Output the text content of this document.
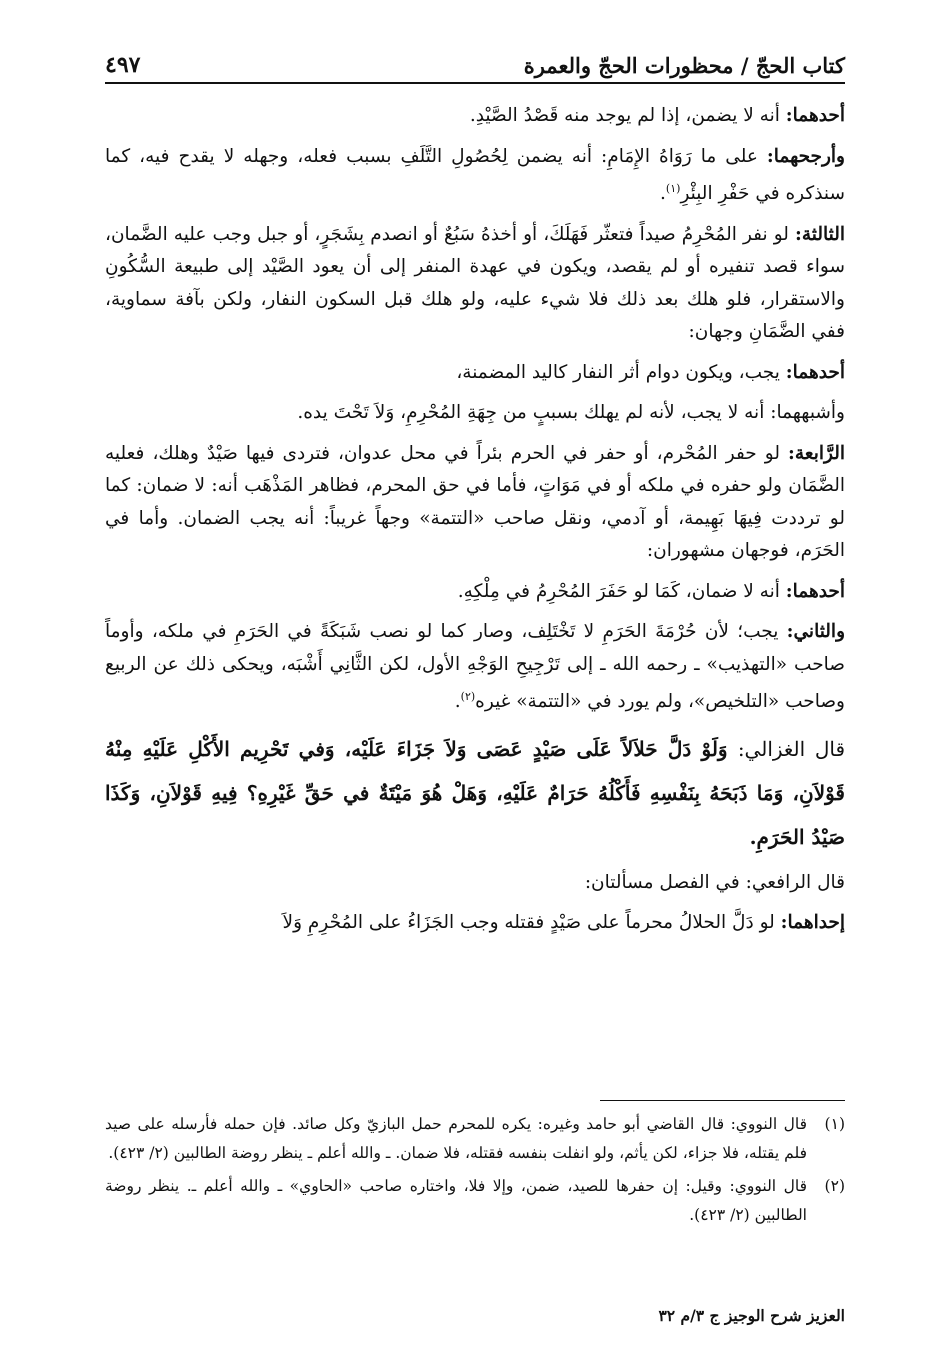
كتاب الحجّ / محظورات الحجّ والعمرة
٤٩٧

أحدهما: أنه لا يضمن، إذا لم يوجد منه قَصْدُ الصَّيْدِ.

وأرجحهما: على ما رَوَاهُ الإِمَامِ: أنه يضمن لِحُصُولِ التَّلَفِ بسبب فعله، وجهله لا يقدح فيه، كما سنذكره في حَفْرِ البِئْرِ$^{(١)}$.

الثالثة: لو نفر المُحْرِمُ صيداً فتعثّر فَهَلَكَ، أو أخذهُ سَبُعٌ أو انصدم بِشَجَرٍ، أو جبل وجب عليه الضَّمان، سواء قصد تنفيره أو لم يقصد، ويكون في عهدة المنفر إلى أن يعود الصَّيْد إلى طبيعة السُّكُونِ والاستقرار، فلو هلك بعد ذلك فلا شيء عليه، ولو هلك قبل السكون النفار، ولكن بآفة سماوية، ففي الضَّمَانِ وجهان:

أحدهما: يجب، ويكون دوام أثر النفار كاليد المضمنة،

وأشبههما: أنه لا يجب، لأنه لم يهلك بسببٍ من جِهَةِ المُحْرِمِ، وَلاَ تَحْتَ يده.

الرَّابعة: لو حفر المُحْرم، أو حفر في الحرم بئراً في محل عدوان، فتردى فيها صَيْدٌ وهلك، فعليه الضَّمَان ولو حفره في ملكه أو في مَوَاتٍ، فأما في حق المحرم، فظاهر المَذْهَب أنه: لا ضمان: كما لو ترددت فِيهَا بَهِيمة، أو آدمي، ونقل صاحب «التتمة» وجهاً غريباً: أنه يجب الضمان. وأما في الحَرَم، فوجهان مشهوران:

أحدهما: أنه لا ضمان، كَمَا لو حَفَرَ المُحْرِمُ في مِلْكِهِ.

والثاني: يجب؛ لأن حُرْمَةَ الحَرَمِ لا تَخْتَلِف، وصار كما لو نصب شَبَكَةً في الحَرَمِ في ملكه، وأوماً صاحب «التهذيب» ـ رحمه الله ـ إلى تَرْجِيحِ الوَجْهِ الأول، لكن الثَّانِي أَشْبَه، ويحكى ذلك عن الربيع وصاحب «التلخيص»، ولم يورد في «التتمة» غيره$^{(٢)}$.

قال الغزالي: وَلَوْ دَلَّ حَلاَلاً عَلَى صَيْدٍ عَصَى وَلاَ جَزَاءَ عَلَيْه، وَفي تَحْرِيم الأَكْلِ عَلَيْهِ مِنْهُ قَوْلاَنِ، وَمَا ذَبَحَهُ بِنَفْسِهِ فَأَكْلُهُ حَرَامٌ عَلَيْهِ، وَهَلْ هُوَ مَيْتَةٌ في حَقِّ غَيْرِهِ؟ فِيهِ قَوْلاَنِ، وَكَذَا صَيْدُ الحَرَمِ.

قال الرافعي: في الفصل مسألتان:

إحداهما: لو دَلَّ الحلالُ محرماً على صَيْدٍ فقتله وجب الجَزَاءُ على المُحْرِمِ وَلاَ

(١)
قال النووي: قال القاضي أبو حامد وغيره: يكره للمحرم حمل البازيّ وكل صائد. فإن حمله فأرسله على صيد فلم يقتله، فلا جزاء، لكن يأثم، ولو انفلت بنفسه فقتله، فلا ضمان. ـ والله أعلم ـ ينظر روضة الطالبين (٢/ ٤٢٣).
(٢)
قال النووي: وقيل: إن حفرها للصيد، ضمن، وإلا فلا، واختاره صاحب «الحاوي» ـ والله أعلم ـ. ينظر روضة الطالبين (٢/ ٤٢٣).
العزيز شرح الوجيز ج ٣/م ٣٢
